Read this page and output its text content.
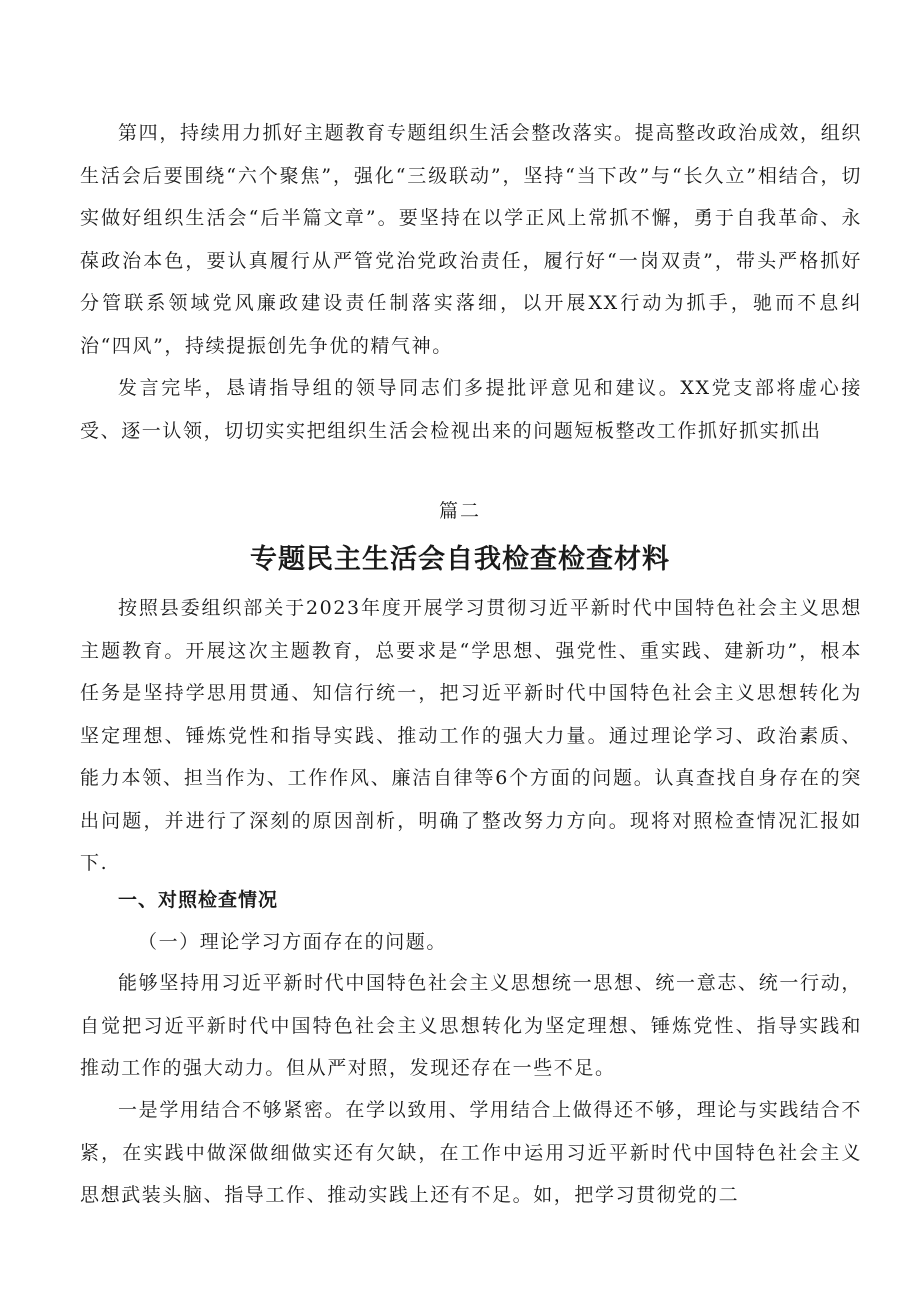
第四，持续用力抓好主题教育专题组织生活会整改落实。提高整改政治成效，组织生活会后要围绕“六个聚焦”，强化“三级联动”，坚持“当下改”与“长久立”相结合，切实做好组织生活会“后半篇文章”。要坚持在以学正风上常抓不懈，勇于自我革命、永葆政治本色，要认真履行从严管党治党政治责任，履行好“一岗双责”，带头严格抓好分管联系领域党风廉政建设责任制落实落细，以开展XX行动为抓手，驰而不息纠治“四风”，持续提振创先争优的精气神。

发言完毕，恳请指导组的领导同志们多提批评意见和建议。XX党支部将虚心接受、逐一认领，切切实实把组织生活会检视出来的问题短板整改工作抓好抓实抓出

篇二

专题民主生活会自我检查检查材料

按照县委组织部关于2023年度开展学习贯彻习近平新时代中国特色社会主义思想主题教育。开展这次主题教育，总要求是“学思想、强党性、重实践、建新功”，根本任务是坚持学思用贯通、知信行统一，把习近平新时代中国特色社会主义思想转化为坚定理想、锤炼党性和指导实践、推动工作的强大力量。通过理论学习、政治素质、能力本领、担当作为、工作作风、廉洁自律等6个方面的问题。认真查找自身存在的突出问题，并进行了深刻的原因剖析，明确了整改努力方向。现将对照检查情况汇报如下.

一、对照检查情况

（一）理论学习方面存在的问题。

能够坚持用习近平新时代中国特色社会主义思想统一思想、统一意志、统一行动，自觉把习近平新时代中国特色社会主义思想转化为坚定理想、锤炼党性、指导实践和推动工作的强大动力。但从严对照，发现还存在一些不足。

一是学用结合不够紧密。在学以致用、学用结合上做得还不够，理论与实践结合不紧，在实践中做深做细做实还有欠缺，在工作中运用习近平新时代中国特色社会主义思想武装头脑、指导工作、推动实践上还有不足。如，把学习贯彻党的二
